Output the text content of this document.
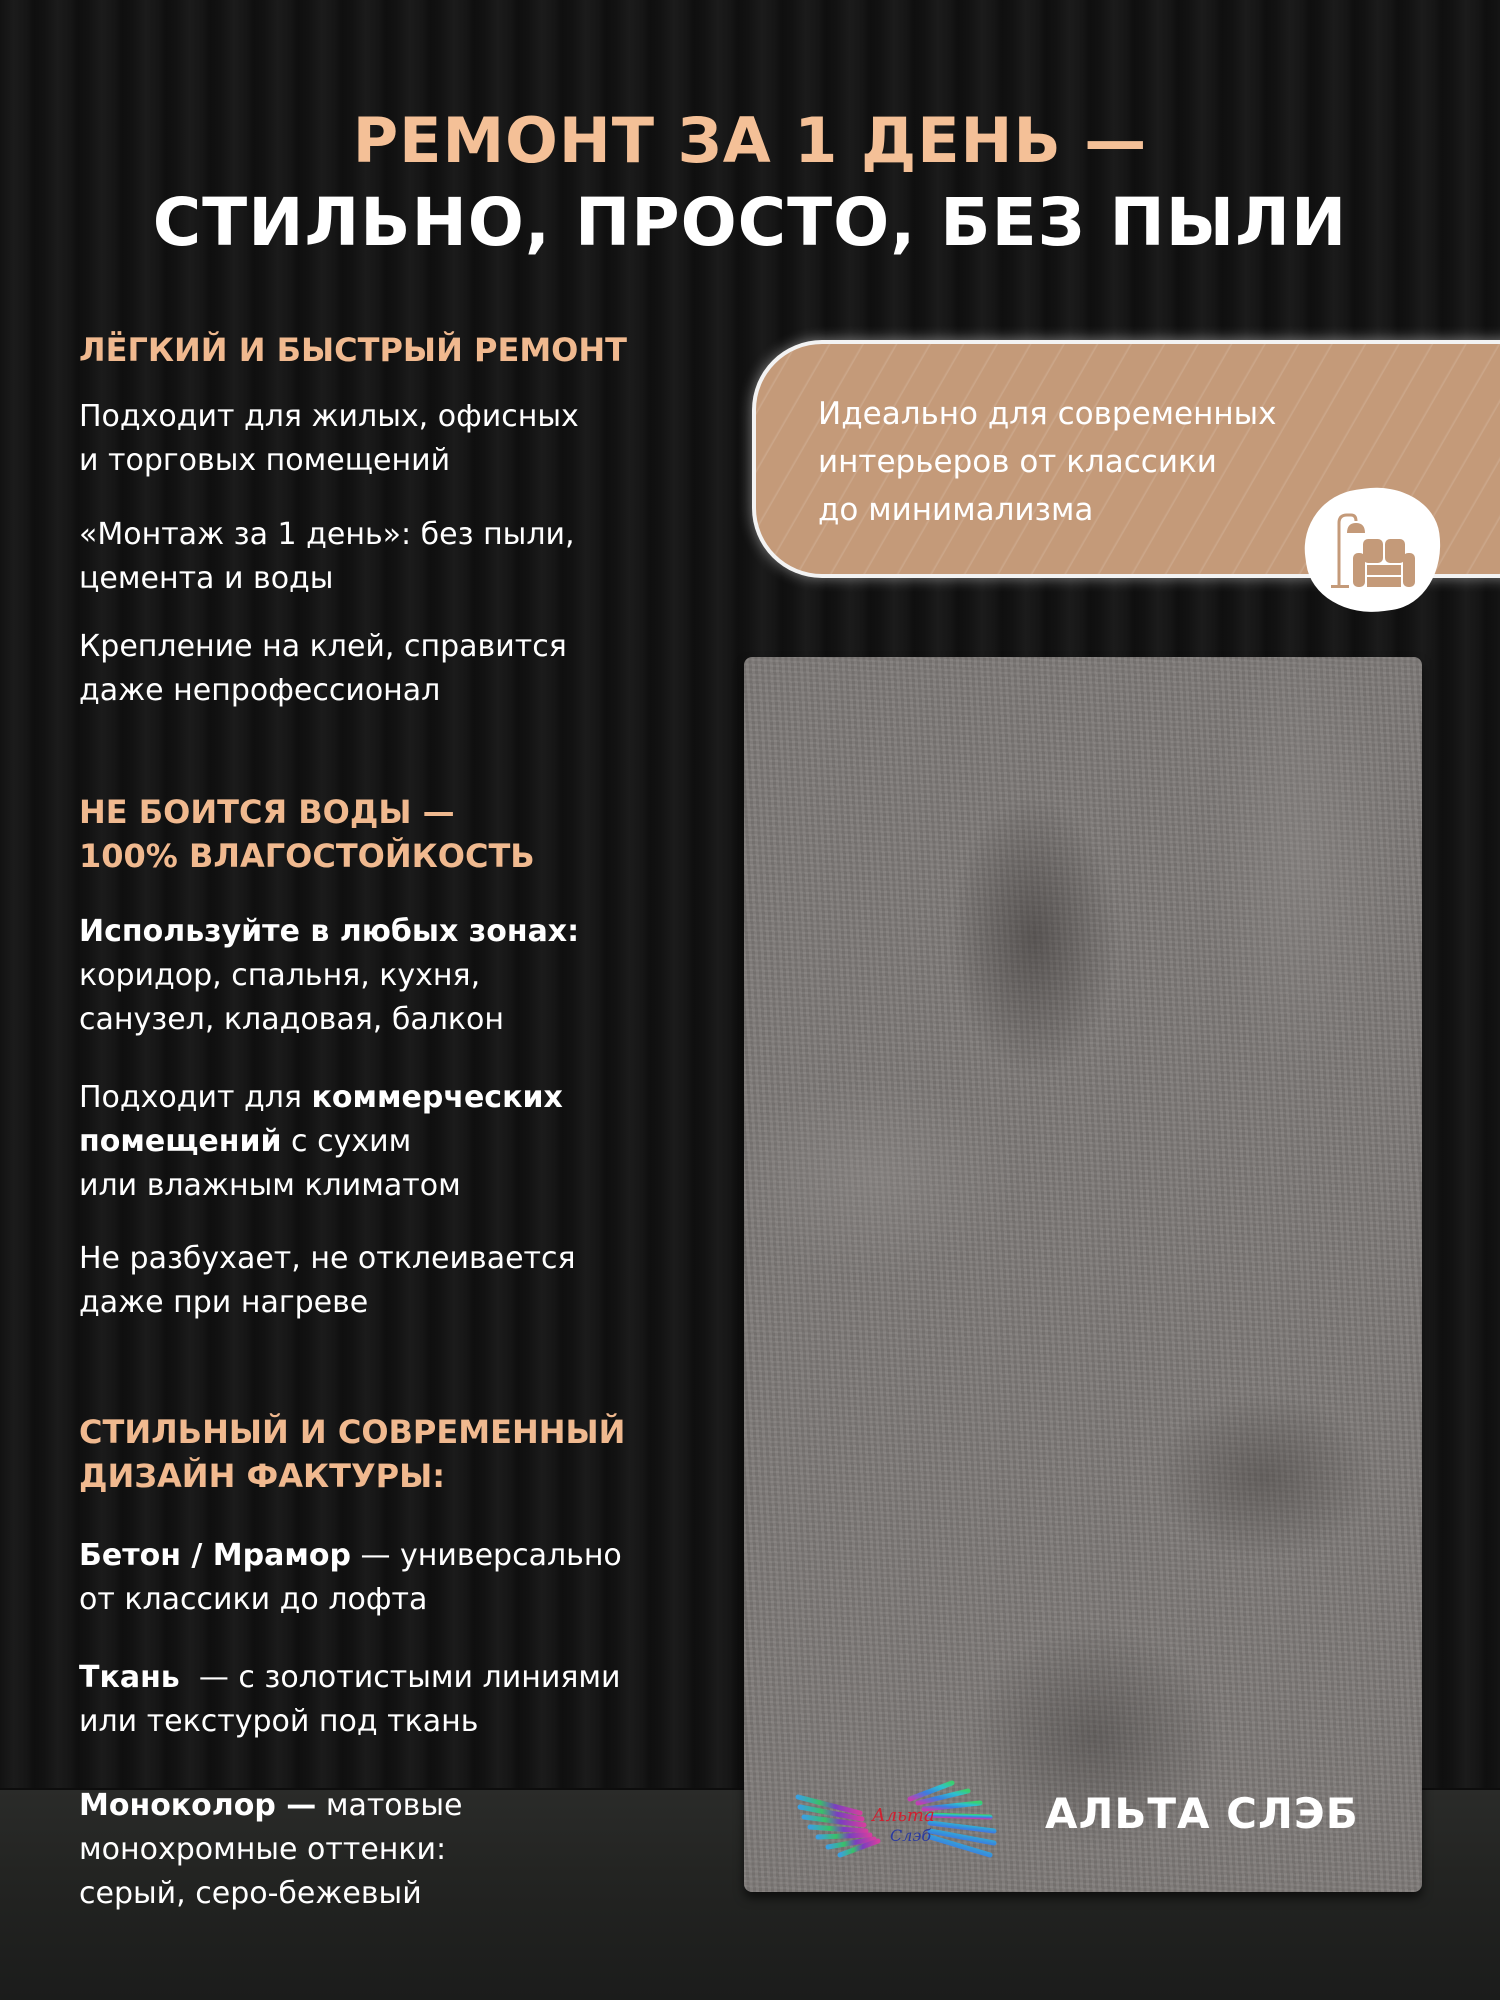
РЕМОНТ ЗА 1 ДЕНЬ —
СТИЛЬНО, ПРОСТО, БЕЗ ПЫЛИ
ЛЁГКИЙ И БЫСТРЫЙ РЕМОНТ
Подходит для жилых, офисных
и торговых помещений
«Монтаж за 1 день»: без пыли,
цемента и воды
Крепление на клей, справится
даже непрофессионал
НЕ БОИТСЯ ВОДЫ —
100% ВЛАГОСТОЙКОСТЬ
Используйте в любых зонах:
коридор, спальня, кухня,
санузел, кладовая, балкон
Подходит для коммерческих
помещений с сухим
или влажным климатом
Не разбухает, не отклеивается
даже при нагреве
СТИЛЬНЫЙ И СОВРЕМЕННЫЙ
ДИЗАЙН ФАКТУРЫ:
Бетон / Мрамор — универсально
от классики до лофта
Ткань  — с золотистыми линиями
или текстурой под ткань
Моноколор — матовые
монохромные оттенки:
серый, серо-бежевый
Идеально для современных
интерьеров от классики
до минимализма
Альта
Слэб	АЛЬТА СЛЭБ
